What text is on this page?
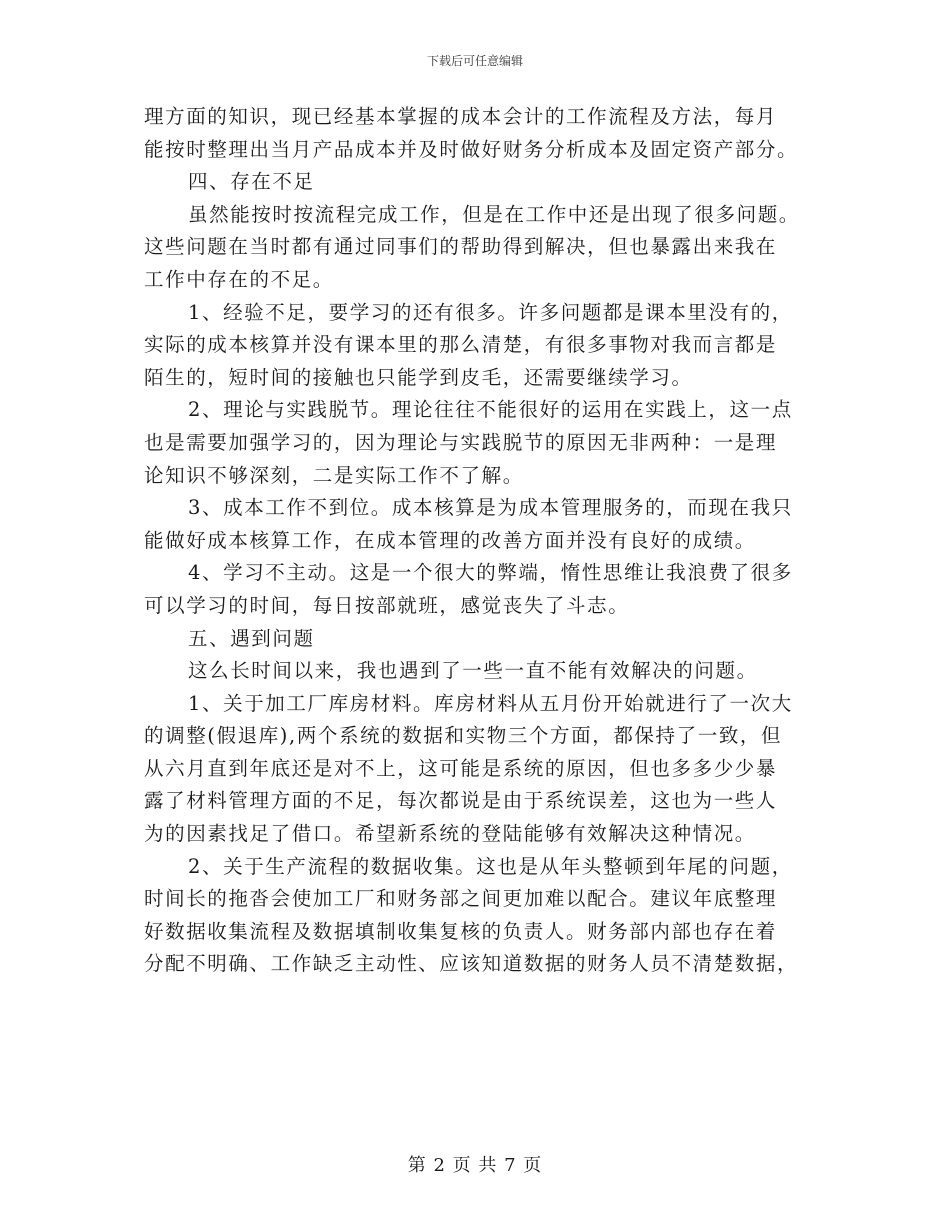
下载后可任意编辑

理方面的知识，现已经基本掌握的成本会计的工作流程及方法，每月
能按时整理出当月产品成本并及时做好财务分析成本及固定资产部分。

四、存在不足

虽然能按时按流程完成工作，但是在工作中还是出现了很多问题。

这些问题在当时都有通过同事们的帮助得到解决，但也暴露出来我在
工作中存在的不足。

1、经验不足，要学习的还有很多。许多问题都是课本里没有的，

实际的成本核算并没有课本里的那么清楚，有很多事物对我而言都是
陌生的，短时间的接触也只能学到皮毛，还需要继续学习。

2、理论与实践脱节。理论往往不能很好的运用在实践上，这一点

也是需要加强学习的，因为理论与实践脱节的原因无非两种：一是理
论知识不够深刻，二是实际工作不了解。

3、成本工作不到位。成本核算是为成本管理服务的，而现在我只

能做好成本核算工作，在成本管理的改善方面并没有良好的成绩。

4、学习不主动。这是一个很大的弊端，惰性思维让我浪费了很多

可以学习的时间，每日按部就班，感觉丧失了斗志。

五、遇到问题

这么长时间以来，我也遇到了一些一直不能有效解决的问题。

1、关于加工厂库房材料。库房材料从五月份开始就进行了一次大

的调整(假退库),两个系统的数据和实物三个方面，都保持了一致，但
从六月直到年底还是对不上，这可能是系统的原因，但也多多少少暴
露了材料管理方面的不足，每次都说是由于系统误差，这也为一些人
为的因素找足了借口。希望新系统的登陆能够有效解决这种情况。

2、关于生产流程的数据收集。这也是从年头整顿到年尾的问题，

时间长的拖沓会使加工厂和财务部之间更加难以配合。建议年底整理
好数据收集流程及数据填制收集复核的负责人。财务部内部也存在着
分配不明确、工作缺乏主动性、应该知道数据的财务人员不清楚数据，

第 2 页 共 7 页
